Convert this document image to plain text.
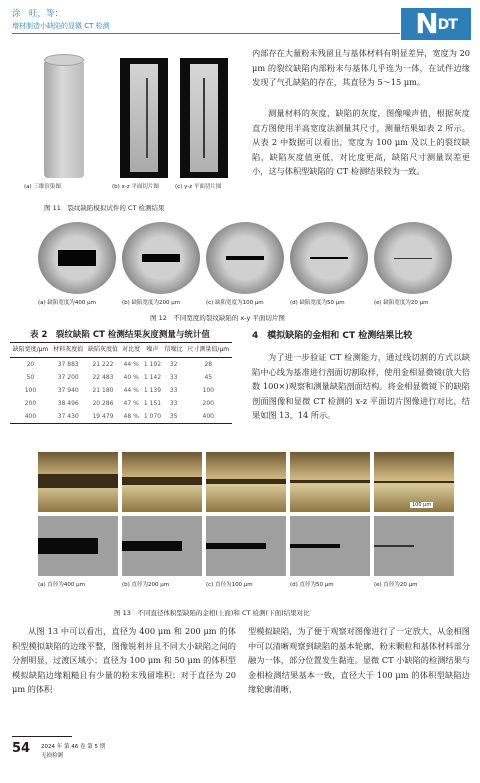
涂　旺，等：
增材制造小缺陷的显微 CT 检测	NDT
(a) 三维渲染图	(b) x-z 平面切片图	(c) y-z 平面切片图
图 11　裂纹缺陷模拟试件的 CT 检测结果
内部存在大量粉末残留且与基体材料有明显差异，宽度为 20 μm 的裂纹缺陷内部粉末与基体几乎连为一体，在试件边缘发现了气孔缺陷的存在，其直径为 5～15 μm。
测量材料的灰度，缺陷的灰度，图像噪声值，根据灰度直方图使用半高宽度法测量其尺寸，测量结果如表 2 所示。从表 2 中数据可以看出，宽度为 100 μm 及以上的裂纹缺陷，缺陷灰度值更低，对比度更高，缺陷尺寸测量误差更小，这与体积型缺陷的 CT 检测结果较为一致。
(a) 缺陷宽度为400 μm	(b) 缺陷宽度为200 μm	(c) 缺陷宽度为100 μm	(d) 缺陷宽度为50 μm	(e) 缺陷宽度为20 μm
图 12　不同宽度的裂纹缺陷的 x-y 平面切片图
表 2　裂纹缺陷 CT 检测结果灰度测量与统计值
缺陷宽度/μm	材料灰度值	缺陷灰度值	对比度	噪声	信噪比	尺寸测量值/μm
20	37 883	21 222	44 %	1 192	32	28
50	37 200	22 483	40 %	1 142	33	45
100	37 940	21 180	44 %	1 139	33	100
200	38 496	20 286	47 %	1 151	33	200
400	37 430	19 479	48 %	1 070	35	400
4　模拟缺陷的金相和 CT 检测结果比较
为了进一步验证 CT 检测能力，通过线切割的方式以缺陷中心线为基准进行剖面切割取样，使用金相显微镜(放大倍数 100×)观察和测量缺陷剖面结构。将金相显微镜下的缺陷剖面图像和显微 CT 检测的 x-z 平面切片图像进行对比，结果如图 13，14 所示。
100 μm
(a) 直径为400 μm	(b) 直径为200 μm	(c) 直径为100 μm	(d) 直径为50 μm	(e) 直径为20 μm
图 13　不同直径体积型缺陷的金相(上面)和 CT 检测(下面)结果对比
从图 13 中可以看出，直径为 400 μm 和 200 μm 的体积型模拟缺陷的边缘平整，图像锐利并且不同大小缺陷之间的分割明显，过渡区域小；直径为 100 μm 和 50 μm 的体积型模拟缺陷边缘粗糙且有少量的粉末残留堆积；对于直径为 20 μm 的体积
型模拟缺陷，为了便于观察对图像进行了一定放大，从金相图中可以清晰观察到缺陷的基本轮廓，粉末颗粒和基体材料部分融为一体，部分位置发生黏连。显微 CT 小缺陷的检测结果与金相检测结果基本一致，直径大于 100 μm 的体积型缺陷边缘轮廓清晰，
54 2024 年 第 46 卷 第 5 期
无损检测
